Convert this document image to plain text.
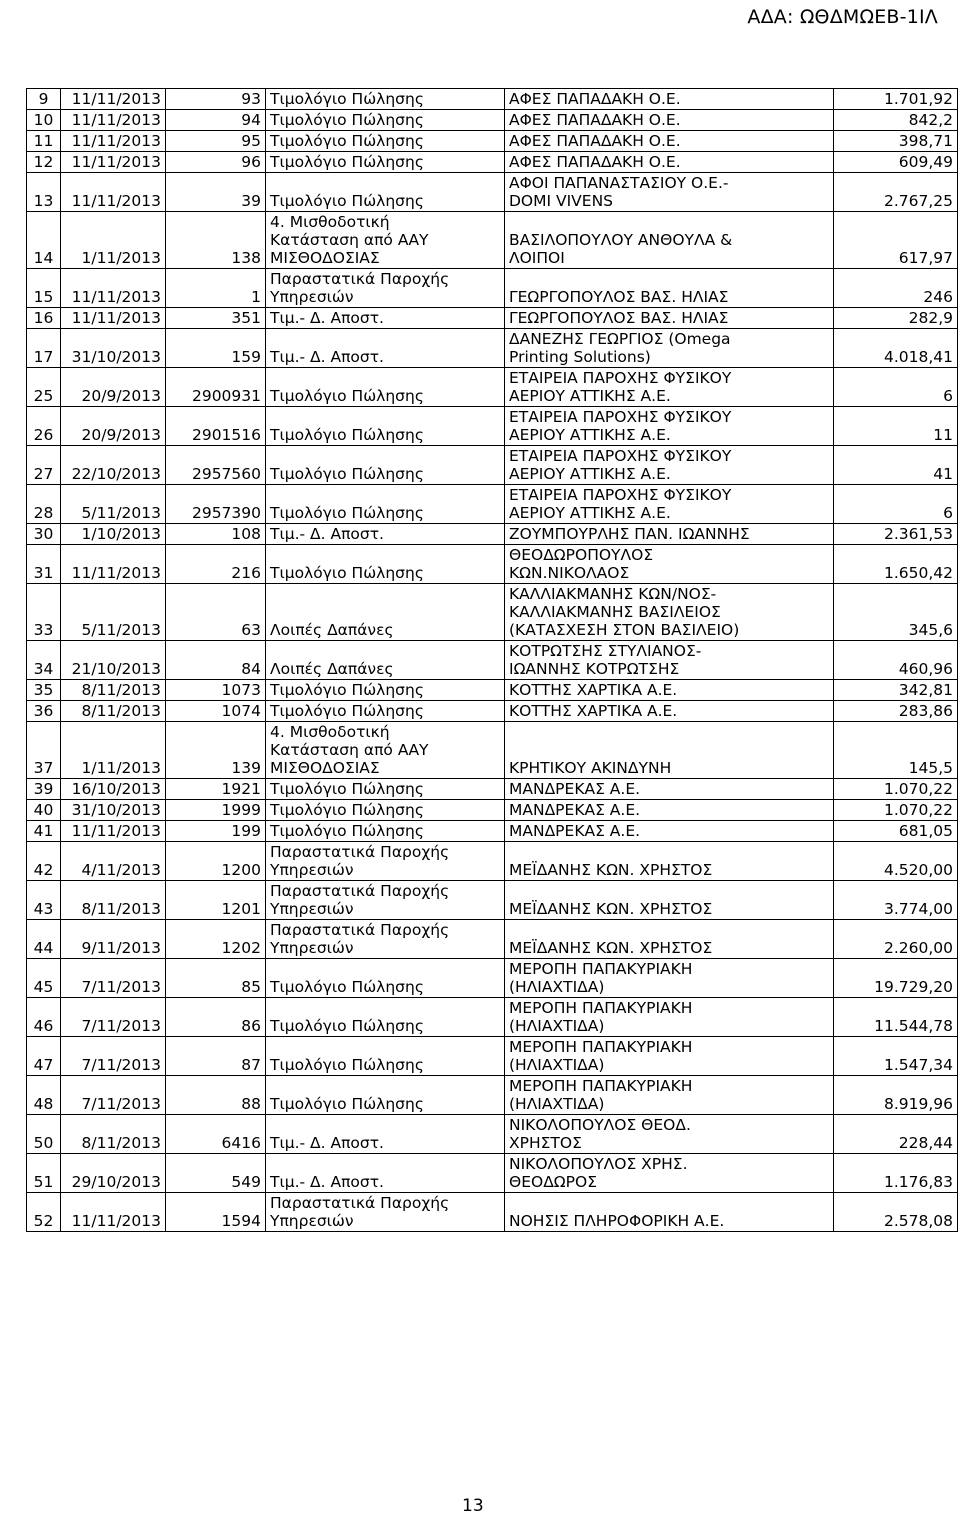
ΑΔΑ: ΩΘΔΜΩΕΒ-1ΙΛ
9	11/11/2013	93	Τιμολόγιο Πώλησης	ΑΦΕΣ ΠΑΠΑΔΑΚΗ Ο.Ε.	1.701,92
10	11/11/2013	94	Τιμολόγιο Πώλησης	ΑΦΕΣ ΠΑΠΑΔΑΚΗ Ο.Ε.	842,2
11	11/11/2013	95	Τιμολόγιο Πώλησης	ΑΦΕΣ ΠΑΠΑΔΑΚΗ Ο.Ε.	398,71
12	11/11/2013	96	Τιμολόγιο Πώλησης	ΑΦΕΣ ΠΑΠΑΔΑΚΗ Ο.Ε.	609,49
13	11/11/2013	39	Τιμολόγιο Πώλησης	ΑΦΟΙ ΠΑΠΑΝΑΣΤΑΣΙΟΥ Ο.Ε.-
DOMI VIVENS	2.767,25
14	1/11/2013	138	4. Μισθοδοτική
Κατάσταση από ΑΑΥ
ΜΙΣΘΟΔΟΣΙΑΣ	ΒΑΣΙΛΟΠΟΥΛΟΥ ΑΝΘΟΥΛΑ &
ΛΟΙΠΟΙ	617,97
15	11/11/2013	1	Παραστατικά Παροχής
Υπηρεσιών	ΓΕΩΡΓΟΠΟΥΛΟΣ ΒΑΣ. ΗΛΙΑΣ	246
16	11/11/2013	351	Τιμ.- Δ. Αποστ.	ΓΕΩΡΓΟΠΟΥΛΟΣ ΒΑΣ. ΗΛΙΑΣ	282,9
17	31/10/2013	159	Τιμ.- Δ. Αποστ.	ΔΑΝΕΖΗΣ ΓΕΩΡΓΙΟΣ (Omega
Printing Solutions)	4.018,41
25	20/9/2013	2900931	Τιμολόγιο Πώλησης	ΕΤΑΙΡΕΙΑ ΠΑΡΟΧΗΣ ΦΥΣΙΚΟΥ
ΑΕΡΙΟΥ ΑΤΤΙΚΗΣ Α.Ε.	6
26	20/9/2013	2901516	Τιμολόγιο Πώλησης	ΕΤΑΙΡΕΙΑ ΠΑΡΟΧΗΣ ΦΥΣΙΚΟΥ
ΑΕΡΙΟΥ ΑΤΤΙΚΗΣ Α.Ε.	11
27	22/10/2013	2957560	Τιμολόγιο Πώλησης	ΕΤΑΙΡΕΙΑ ΠΑΡΟΧΗΣ ΦΥΣΙΚΟΥ
ΑΕΡΙΟΥ ΑΤΤΙΚΗΣ Α.Ε.	41
28	5/11/2013	2957390	Τιμολόγιο Πώλησης	ΕΤΑΙΡΕΙΑ ΠΑΡΟΧΗΣ ΦΥΣΙΚΟΥ
ΑΕΡΙΟΥ ΑΤΤΙΚΗΣ Α.Ε.	6
30	1/10/2013	108	Τιμ.- Δ. Αποστ.	ΖΟΥΜΠΟΥΡΛΗΣ ΠΑΝ. ΙΩΑΝΝΗΣ	2.361,53
31	11/11/2013	216	Τιμολόγιο Πώλησης	ΘΕΟΔΩΡΟΠΟΥΛΟΣ
ΚΩΝ.ΝΙΚΟΛΑΟΣ	1.650,42
33	5/11/2013	63	Λοιπές Δαπάνες	ΚΑΛΛΙΑΚΜΑΝΗΣ ΚΩΝ/ΝΟΣ-
ΚΑΛΛΙΑΚΜΑΝΗΣ ΒΑΣΙΛΕΙΟΣ
(ΚΑΤΑΣΧΕΣΗ ΣΤΟΝ ΒΑΣΙΛΕΙΟ)	345,6
34	21/10/2013	84	Λοιπές Δαπάνες	ΚΟΤΡΩΤΣΗΣ ΣΤΥΛΙΑΝΟΣ-
ΙΩΑΝΝΗΣ ΚΟΤΡΩΤΣΗΣ	460,96
35	8/11/2013	1073	Τιμολόγιο Πώλησης	ΚΟΤΤΗΣ ΧΑΡΤΙΚΑ Α.Ε.	342,81
36	8/11/2013	1074	Τιμολόγιο Πώλησης	ΚΟΤΤΗΣ ΧΑΡΤΙΚΑ Α.Ε.	283,86
37	1/11/2013	139	4. Μισθοδοτική
Κατάσταση από ΑΑΥ
ΜΙΣΘΟΔΟΣΙΑΣ	ΚΡΗΤΙΚΟΥ ΑΚΙΝΔΥΝΗ	145,5
39	16/10/2013	1921	Τιμολόγιο Πώλησης	ΜΑΝΔΡΕΚΑΣ Α.Ε.	1.070,22
40	31/10/2013	1999	Τιμολόγιο Πώλησης	ΜΑΝΔΡΕΚΑΣ Α.Ε.	1.070,22
41	11/11/2013	199	Τιμολόγιο Πώλησης	ΜΑΝΔΡΕΚΑΣ Α.Ε.	681,05
42	4/11/2013	1200	Παραστατικά Παροχής
Υπηρεσιών	ΜΕΪΔΑΝΗΣ ΚΩΝ. ΧΡΗΣΤΟΣ	4.520,00
43	8/11/2013	1201	Παραστατικά Παροχής
Υπηρεσιών	ΜΕΪΔΑΝΗΣ ΚΩΝ. ΧΡΗΣΤΟΣ	3.774,00
44	9/11/2013	1202	Παραστατικά Παροχής
Υπηρεσιών	ΜΕΪΔΑΝΗΣ ΚΩΝ. ΧΡΗΣΤΟΣ	2.260,00
45	7/11/2013	85	Τιμολόγιο Πώλησης	ΜΕΡΟΠΗ ΠΑΠΑΚΥΡΙΑΚΗ
(ΗΛΙΑΧΤΙΔΑ)	19.729,20
46	7/11/2013	86	Τιμολόγιο Πώλησης	ΜΕΡΟΠΗ ΠΑΠΑΚΥΡΙΑΚΗ
(ΗΛΙΑΧΤΙΔΑ)	11.544,78
47	7/11/2013	87	Τιμολόγιο Πώλησης	ΜΕΡΟΠΗ ΠΑΠΑΚΥΡΙΑΚΗ
(ΗΛΙΑΧΤΙΔΑ)	1.547,34
48	7/11/2013	88	Τιμολόγιο Πώλησης	ΜΕΡΟΠΗ ΠΑΠΑΚΥΡΙΑΚΗ
(ΗΛΙΑΧΤΙΔΑ)	8.919,96
50	8/11/2013	6416	Τιμ.- Δ. Αποστ.	ΝΙΚΟΛΟΠΟΥΛΟΣ ΘΕΟΔ.
ΧΡΗΣΤΟΣ	228,44
51	29/10/2013	549	Τιμ.- Δ. Αποστ.	ΝΙΚΟΛΟΠΟΥΛΟΣ ΧΡΗΣ.
ΘΕΟΔΩΡΟΣ	1.176,83
52	11/11/2013	1594	Παραστατικά Παροχής
Υπηρεσιών	ΝΟΗΣΙΣ ΠΛΗΡΟΦΟΡΙΚΗ Α.Ε.	2.578,08
13
